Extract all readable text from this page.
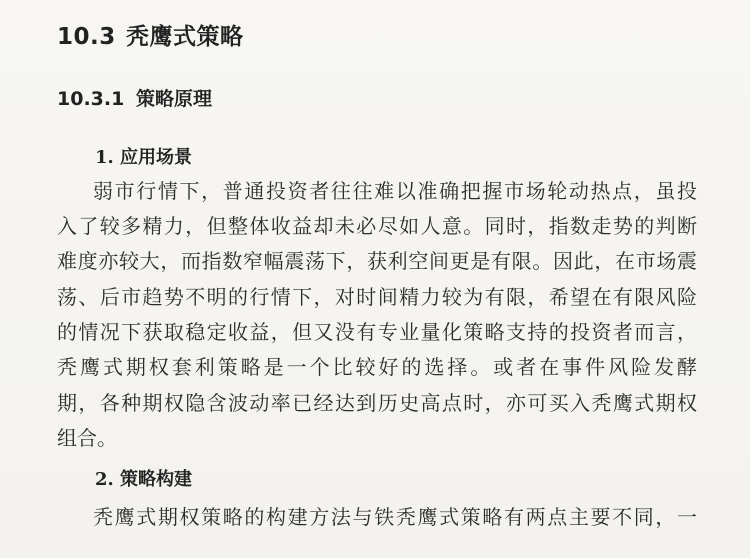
10.3 秃鹰式策略
10.3.1 策略原理
1. 应用场景
弱市行情下，普通投资者往往难以准确把握市场轮动热点，虽投
入了较多精力，但整体收益却未必尽如人意。同时，指数走势的判断
难度亦较大，而指数窄幅震荡下，获利空间更是有限。因此，在市场震
荡、后市趋势不明的行情下，对时间精力较为有限，希望在有限风险
的情况下获取稳定收益，但又没有专业量化策略支持的投资者而言，
秃鹰式期权套利策略是一个比较好的选择。或者在事件风险发酵
期，各种期权隐含波动率已经达到历史高点时，亦可买入秃鹰式期权
组合。
2. 策略构建
秃鹰式期权策略的构建方法与铁秃鹰式策略有两点主要不同，一
